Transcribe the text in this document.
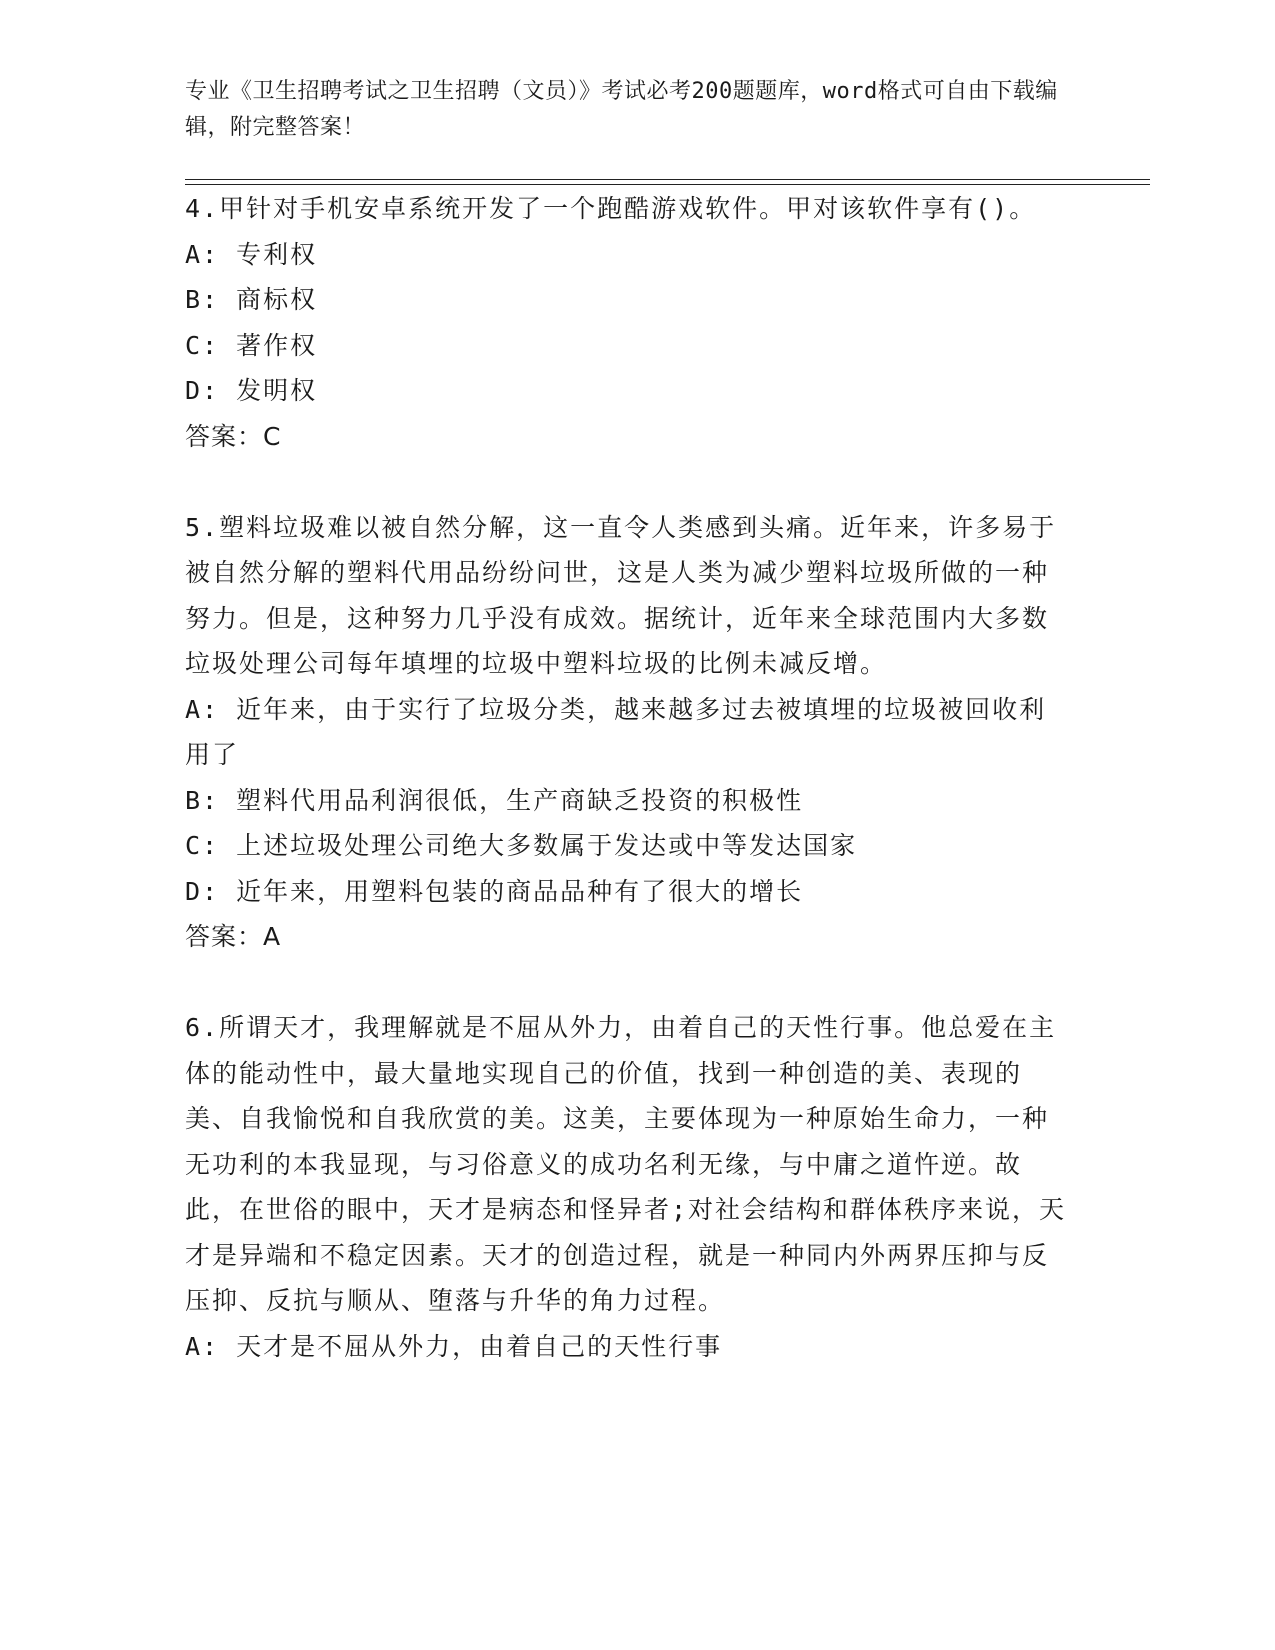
专业《卫生招聘考试之卫生招聘（文员）》考试必考200题题库，word格式可自由下载编辑，附完整答案！
4.甲针对手机安卓系统开发了一个跑酷游戏软件。甲对该软件享有()。
A: 专利权
B: 商标权
C: 著作权
D: 发明权
答案：C
5.塑料垃圾难以被自然分解，这一直令人类感到头痛。近年来，许多易于被自然分解的塑料代用品纷纷问世，这是人类为减少塑料垃圾所做的一种努力。但是，这种努力几乎没有成效。据统计，近年来全球范围内大多数垃圾处理公司每年填埋的垃圾中塑料垃圾的比例未减反增。
A: 近年来，由于实行了垃圾分类，越来越多过去被填埋的垃圾被回收利用了
B: 塑料代用品利润很低，生产商缺乏投资的积极性
C: 上述垃圾处理公司绝大多数属于发达或中等发达国家
D: 近年来，用塑料包装的商品品种有了很大的增长
答案：A
6.所谓天才，我理解就是不屈从外力，由着自己的天性行事。他总爱在主体的能动性中，最大量地实现自己的价值，找到一种创造的美、表现的美、自我愉悦和自我欣赏的美。这美，主要体现为一种原始生命力，一种无功利的本我显现，与习俗意义的成功名利无缘，与中庸之道忤逆。故此，在世俗的眼中，天才是病态和怪异者;对社会结构和群体秩序来说，天才是异端和不稳定因素。天才的创造过程，就是一种同内外两界压抑与反压抑、反抗与顺从、堕落与升华的角力过程。
A: 天才是不屈从外力，由着自己的天性行事
